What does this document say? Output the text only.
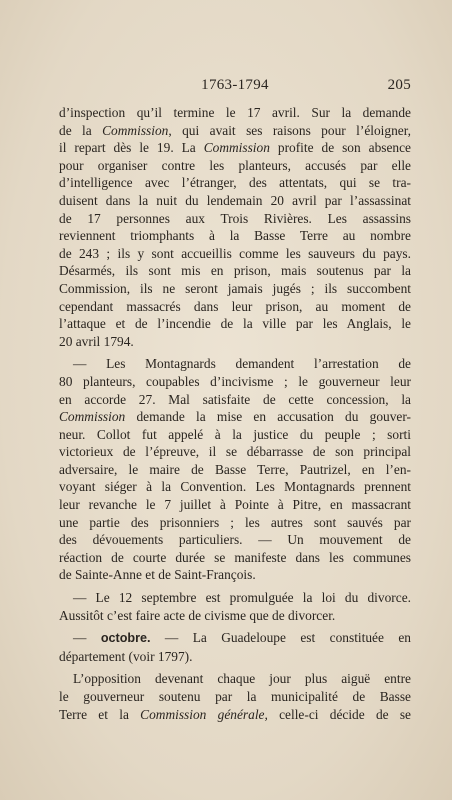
1763-1794	205
d’inspection qu’il termine le 17 avril. Sur la demande
de la Commission, qui avait ses raisons pour l’éloigner,
il repart dès le 19. La Commission profite de son absence
pour organiser contre les planteurs, accusés par elle
d’intelligence avec l’étranger, des attentats, qui se tra-
duisent dans la nuit du lendemain 20 avril par l’assassinat
de 17 personnes aux Trois Rivières. Les assassins
reviennent triomphants à la Basse Terre au nombre
de 243 ; ils y sont accueillis comme les sauveurs du pays.
Désarmés, ils sont mis en prison, mais soutenus par la
Commission, ils ne seront jamais jugés ; ils succombent
cependant massacrés dans leur prison, au moment de
l’attaque et de l’incendie de la ville par les Anglais, le
20 avril 1794.
— Les Montagnards demandent l’arrestation de
80 planteurs, coupables d’incivisme ; le gouverneur leur
en accorde 27. Mal satisfaite de cette concession, la
Commission demande la mise en accusation du gouver-
neur. Collot fut appelé à la justice du peuple ; sorti
victorieux de l’épreuve, il se débarrasse de son principal
adversaire, le maire de Basse Terre, Pautrizel, en l’en-
voyant siéger à la Convention. Les Montagnards prennent
leur revanche le 7 juillet à Pointe à Pitre, en massacrant
une partie des prisonniers ; les autres sont sauvés par
des dévouements particuliers. — Un mouvement de
réaction de courte durée se manifeste dans les communes
de Sainte-Anne et de Saint-François.
— Le 12 septembre est promulguée la loi du divorce.
Aussitôt c’est faire acte de civisme que de divorcer.
— octobre. — La Guadeloupe est constituée en
département (voir 1797).
L’opposition devenant chaque jour plus aiguë entre
le gouverneur soutenu par la municipalité de Basse
Terre et la Commission générale, celle-ci décide de se
